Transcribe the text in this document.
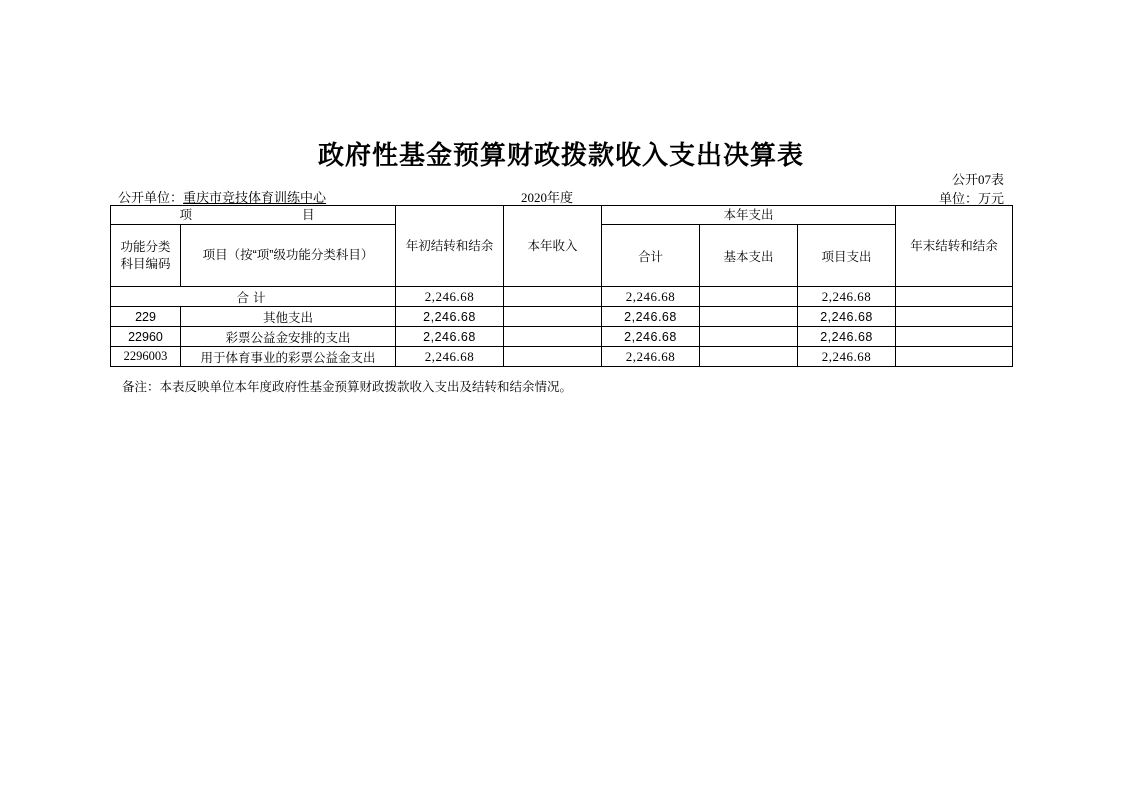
政府性基金预算财政拨款收入支出决算表
公开07表
单位：万元
公开单位：重庆市竞技体育训练中心	2020年度
项　　　　目		年初结转和结余	本年收入	本年支出			年末结转和结余
功能分类
科目编码	项目（按“项”级功能分类科目）			合计	基本支出	项目支出	
合计		2,246.68		2,246.68		2,246.68	
229	其他支出	2,246.68		2,246.68		2,246.68	
22960	彩票公益金安排的支出	2,246.68		2,246.68		2,246.68	
2296003	用于体育事业的彩票公益金支出	2,246.68		2,246.68		2,246.68	
备注：本表反映单位本年度政府性基金预算财政拨款收入支出及结转和结余情况。
